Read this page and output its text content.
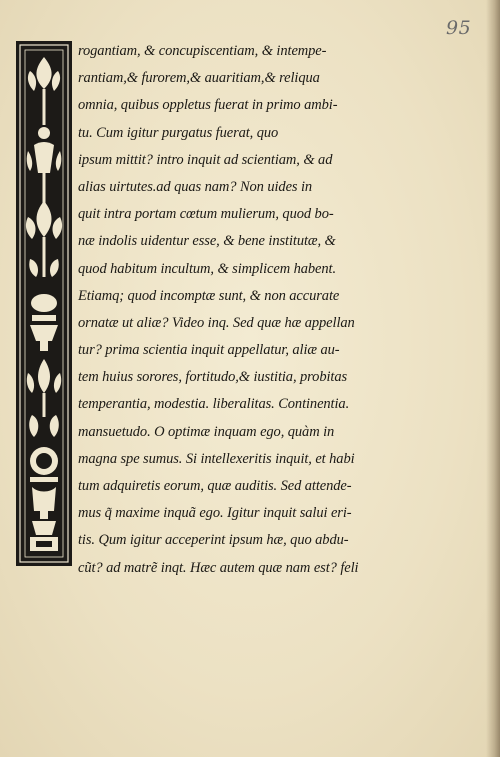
95
rogantiam, & concupiscentiam, & intempe-
rantiam,& furorem,& auaritiam,& reliqua
omnia, quibus oppletus fuerat in primo ambi-
tu. Cum igitur purgatus fuerat, quo
ipsum mittit? intro inquit ad scientiam, & ad
alias uirtutes.ad quas nam? Non uides in
quit intra portam cœtum mulierum, quod bo-
næ indolis uidentur esse, & bene institutæ, &
quod habitum incultum, & simplicem habent.
Etiamq; quod incomptæ sunt, & non accurate
ornatæ ut aliæ? Video inq. Sed quæ hæ appellan
tur? prima scientia inquit appellatur, aliæ au-
tem huius sorores, fortitudo,& iustitia, probitas
temperantia, modestia. liberalitas. Continentia.
mansuetudo. O optimæ inquam ego, quàm in
magna spe sumus. Si intellexeritis inquit, et habi
tum adquiretis eorum, quæ auditis. Sed attende-
mus q̃ maxime inquã ego. Igitur inquit salui eri-
tis. Qum igitur acceperint ipsum hæ, quo abdu-
cũt? ad matrẽ inqt. Hæc autem quæ nam est? feli
